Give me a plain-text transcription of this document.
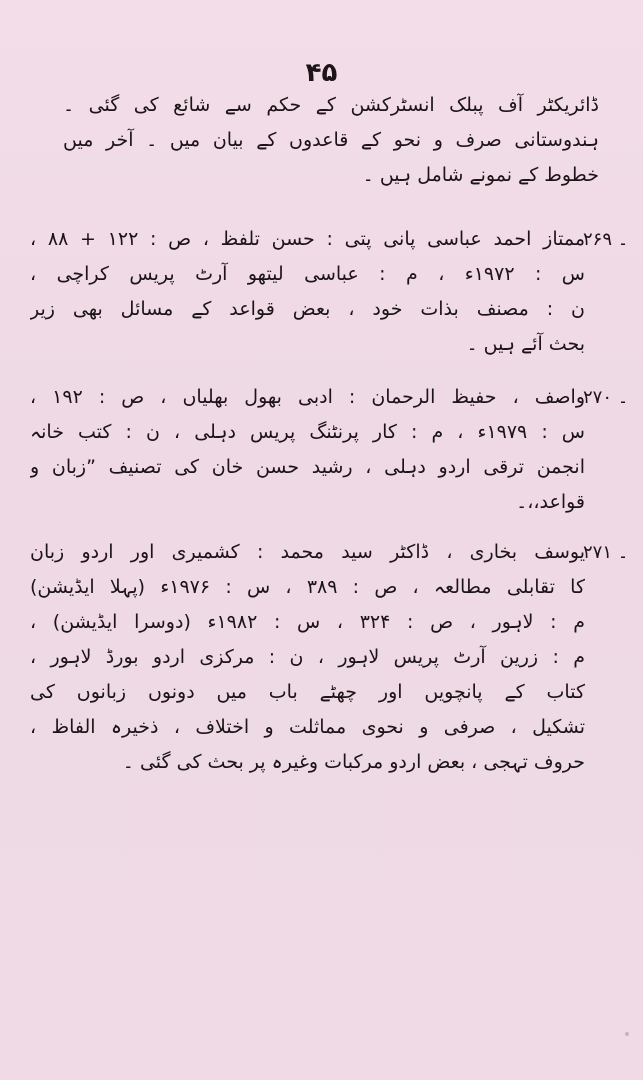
۴۵
ڈائریکٹر آف پبلک انسٹرکشن کے حکم سے شائع کی گئی ۔
ہندوستانی صرف و نحو کے قاعدوں کے بیان میں ۔ آخر میں
خطوط کے نمونے شامل ہیں ۔
۲۶۹ ۔
ممتاز احمد عباسی پانی پتی : حسن تلفظ ، ص : ۱۲۲ + ۸۸ ،
س : ۱۹۷۲ء ، م : عباسی لیتھو آرٹ پریس کراچی ،
ن : مصنف بذات خود ، بعض قواعد کے مسائل بھی زیر
بحث آئے ہیں ۔
۲۷۰ ۔
واصف ، حفیظ الرحمان : ادبی بھول بھلیاں ، ص : ۱۹۲ ،
س : ۱۹۷۹ء ، م : کار پرنٹنگ پریس دہلی ، ن : کتب خانہ
انجمن ترقی اردو دہلی ، رشید حسن خان کی تصنیف ”زبان و
قواعد،،۔
۲۷۱ ۔
یوسف بخاری ، ڈاکٹر سید محمد : کشمیری اور اردو زبان
کا تقابلی مطالعہ ، ص : ۳۸۹ ، س : ۱۹۷۶ء (پہلا ایڈیشن)
م : لاہور ، ص : ۳۲۴ ، س : ۱۹۸۲ء (دوسرا ایڈیشن) ،
م : زرین آرٹ پریس لاہور ، ن : مرکزی اردو بورڈ لاہور ،
کتاب کے پانچویں اور چھٹے باب میں دونوں زبانوں کی
تشکیل ، صرفی و نحوی مماثلت و اختلاف ، ذخیرہ الفاظ ،
حروف تہجی ، بعض اردو مرکبات وغیرہ پر بحث کی گئی ۔
